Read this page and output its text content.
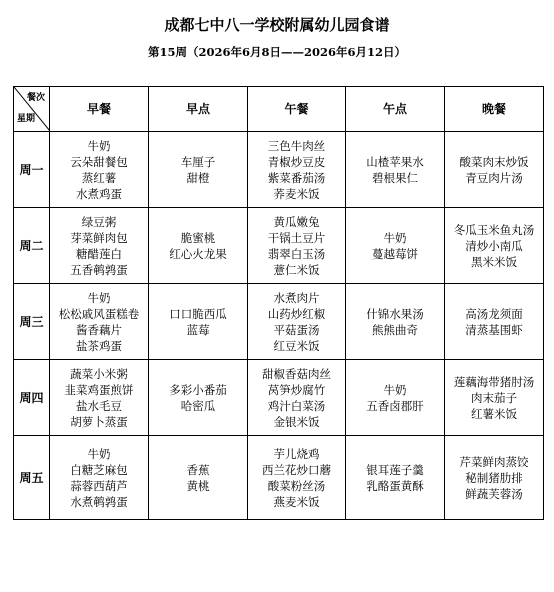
成都七中八一学校附属幼儿园食谱
第15周（2026年6月8日——2026年6月12日）
餐次
星期	早餐	早点	午餐	午点	晚餐
周一	牛奶
云朵甜餐包
蒸红薯
水煮鸡蛋	车厘子
甜橙	三色牛肉丝
青椒炒豆皮
紫菜番茄汤
荞麦米饭	山楂苹果水
碧根果仁	酸菜肉末炒饭
青豆肉片汤

周二	绿豆粥
芽菜鲜肉包
糖醋莲白
五香鹌鹑蛋	脆蜜桃
红心火龙果	黄瓜嫩兔
干锅土豆片
翡翠白玉汤
薏仁米饭	牛奶
蔓越莓饼	冬瓜玉米鱼丸汤
清炒小南瓜
黑米米饭

周三	牛奶
松松戚风蛋糕卷
酱香藕片
盐茶鸡蛋	口口脆西瓜
蓝莓	水煮肉片
山药炒红椒
平菇蛋汤
红豆米饭	什锦水果汤
熊熊曲奇	高汤龙须面
清蒸基围虾

周四	蔬菜小米粥
韭菜鸡蛋煎饼
盐水毛豆
胡萝卜蒸蛋	多彩小番茄
哈密瓜	甜椒香菇肉丝
莴笋炒腐竹
鸡汁白菜汤
金银米饭	牛奶
五香卤郡肝	莲藕海带猪肘汤
肉末茄子
红薯米饭

周五	牛奶
白糖芝麻包
蒜蓉西葫芦
水煮鹌鹑蛋	香蕉
黄桃	芋儿烧鸡
西兰花炒口蘑
酸菜粉丝汤
燕麦米饭	银耳莲子羹
乳酪蛋黄酥	芹菜鲜肉蒸饺
秘制猪肋排
鲜蔬芙蓉汤
